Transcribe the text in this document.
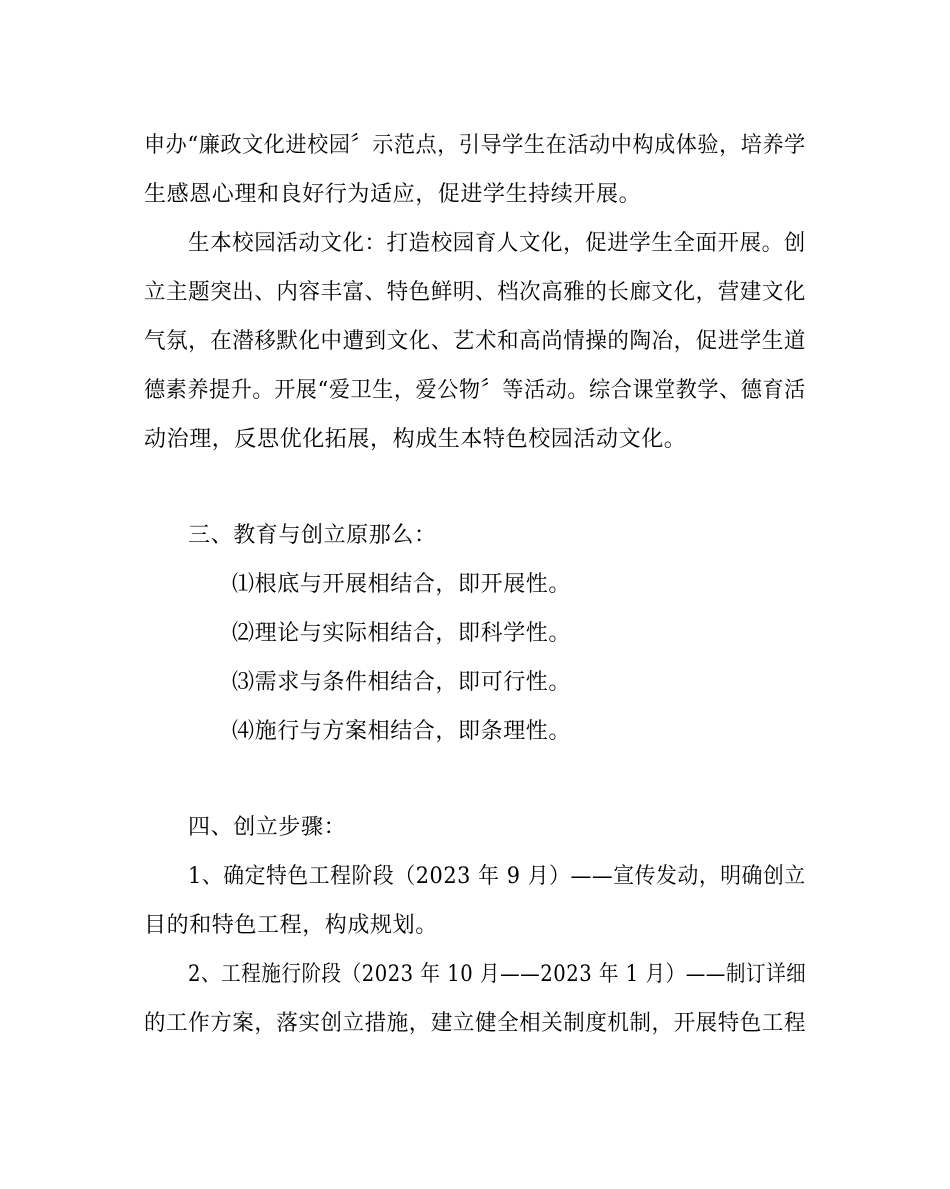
申办“廉政文化进校园〞示范点，引导学生在活动中构成体验，培养学
生感恩心理和良好行为适应，促进学生持续开展。
生本校园活动文化：打造校园育人文化，促进学生全面开展。创
立主题突出、内容丰富、特色鲜明、档次高雅的长廊文化，营建文化
气氛，在潜移默化中遭到文化、艺术和高尚情操的陶冶，促进学生道
德素养提升。开展“爱卫生，爱公物〞等活动。综合课堂教学、德育活
动治理，反思优化拓展，构成生本特色校园活动文化。
三、教育与创立原那么：
⑴根底与开展相结合，即开展性。
⑵理论与实际相结合，即科学性。
⑶需求与条件相结合，即可行性。
⑷施行与方案相结合，即条理性。
四、创立步骤：
1、确定特色工程阶段（2023 年 9 月）——宣传发动，明确创立
目的和特色工程，构成规划。
2、工程施行阶段（2023 年 10 月——2023 年 1 月）——制订详细
的工作方案，落实创立措施，建立健全相关制度机制，开展特色工程
